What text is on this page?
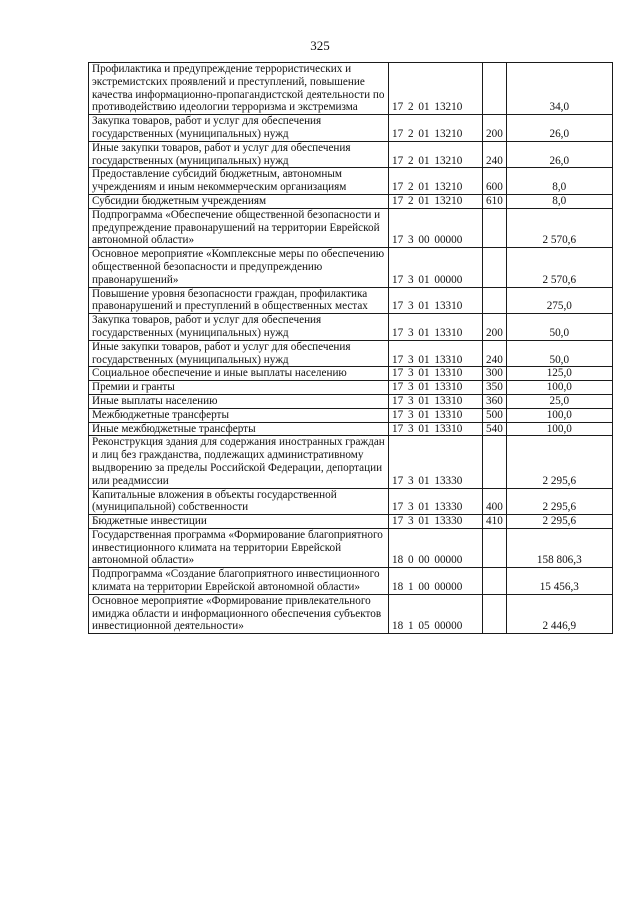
325
Профилактика и предупреждение террористических и экстремистских проявлений и преступлений, повышение качества информационно-пропагандистской деятельности по противодействию идеологии терроризма и экстремизма	17 2 01 13210		34,0
Закупка товаров, работ и услуг для обеспечения государственных (муниципальных) нужд	17 2 01 13210	200	26,0
Иные закупки товаров, работ и услуг для обеспечения государственных (муниципальных) нужд	17 2 01 13210	240	26,0
Предоставление субсидий бюджетным, автономным учреждениям и иным некоммерческим организациям	17 2 01 13210	600	8,0
Субсидии бюджетным учреждениям	17 2 01 13210	610	8,0
Подпрограмма «Обеспечение общественной безопасности и предупреждение правонарушений на территории Еврейской автономной области»	17 3 00 00000		2 570,6
Основное мероприятие «Комплексные меры по обеспечению общественной безопасности и предупреждению правонарушений»	17 3 01 00000		2 570,6
Повышение уровня безопасности граждан, профилактика правонарушений и преступлений в общественных местах	17 3 01 13310		275,0
Закупка товаров, работ и услуг для обеспечения государственных (муниципальных) нужд	17 3 01 13310	200	50,0
Иные закупки товаров, работ и услуг для обеспечения государственных (муниципальных) нужд	17 3 01 13310	240	50,0
Социальное обеспечение и иные выплаты населению	17 3 01 13310	300	125,0
Премии и гранты	17 3 01 13310	350	100,0
Иные выплаты населению	17 3 01 13310	360	25,0
Межбюджетные трансферты	17 3 01 13310	500	100,0
Иные межбюджетные трансферты	17 3 01 13310	540	100,0
Реконструкция здания для содержания иностранных граждан и лиц без гражданства, подлежащих административному выдворению за пределы Российской Федерации, депортации или реадмиссии	17 3 01 13330		2 295,6
Капитальные вложения в объекты государственной (муниципальной) собственности	17 3 01 13330	400	2 295,6
Бюджетные инвестиции	17 3 01 13330	410	2 295,6
Государственная программа «Формирование благоприятного инвестиционного климата на территории Еврейской автономной области»	18 0 00 00000		158 806,3
Подпрограмма «Создание благоприятного инвестиционного климата на территории Еврейской автономной области»	18 1 00 00000		15 456,3
Основное мероприятие «Формирование привлекательного имиджа области и информационного обеспечения субъектов инвестиционной деятельности»	18 1 05 00000		2 446,9
